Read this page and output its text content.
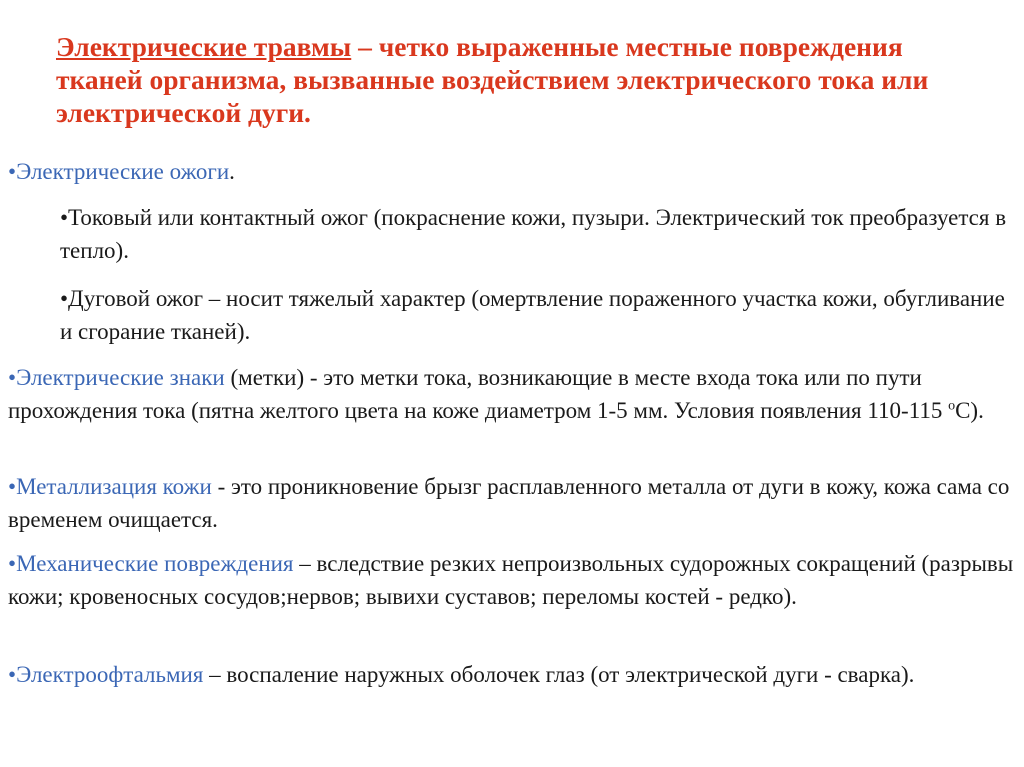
Электрические травмы – четко выраженные местные повреждения тканей организма, вызванные воздействием электрического тока или электрической дуги.

•Электрические ожоги.

•Токовый или контактный ожог (покраснение кожи, пузыри. Электрический ток преобразуется в тепло).

•Дуговой ожог – носит тяжелый характер (омертвление пораженного участка кожи, обугливание и сгорание тканей).

•Электрические знаки (метки) - это метки тока, возникающие в месте входа тока или по пути прохождения тока (пятна желтого цвета на коже диаметром 1-5 мм. Условия появления 110-115 $^o$С).

•Металлизация кожи - это проникновение брызг расплавленного металла от дуги в кожу, кожа сама со временем очищается.

•Механические повреждения – вследствие резких непроизвольных судорожных сокращений (разрывы кожи; кровеносных сосудов;нервов; вывихи суставов; переломы костей - редко).

•Электроофтальмия – воспаление наружных оболочек глаз (от электрической дуги - сварка).
